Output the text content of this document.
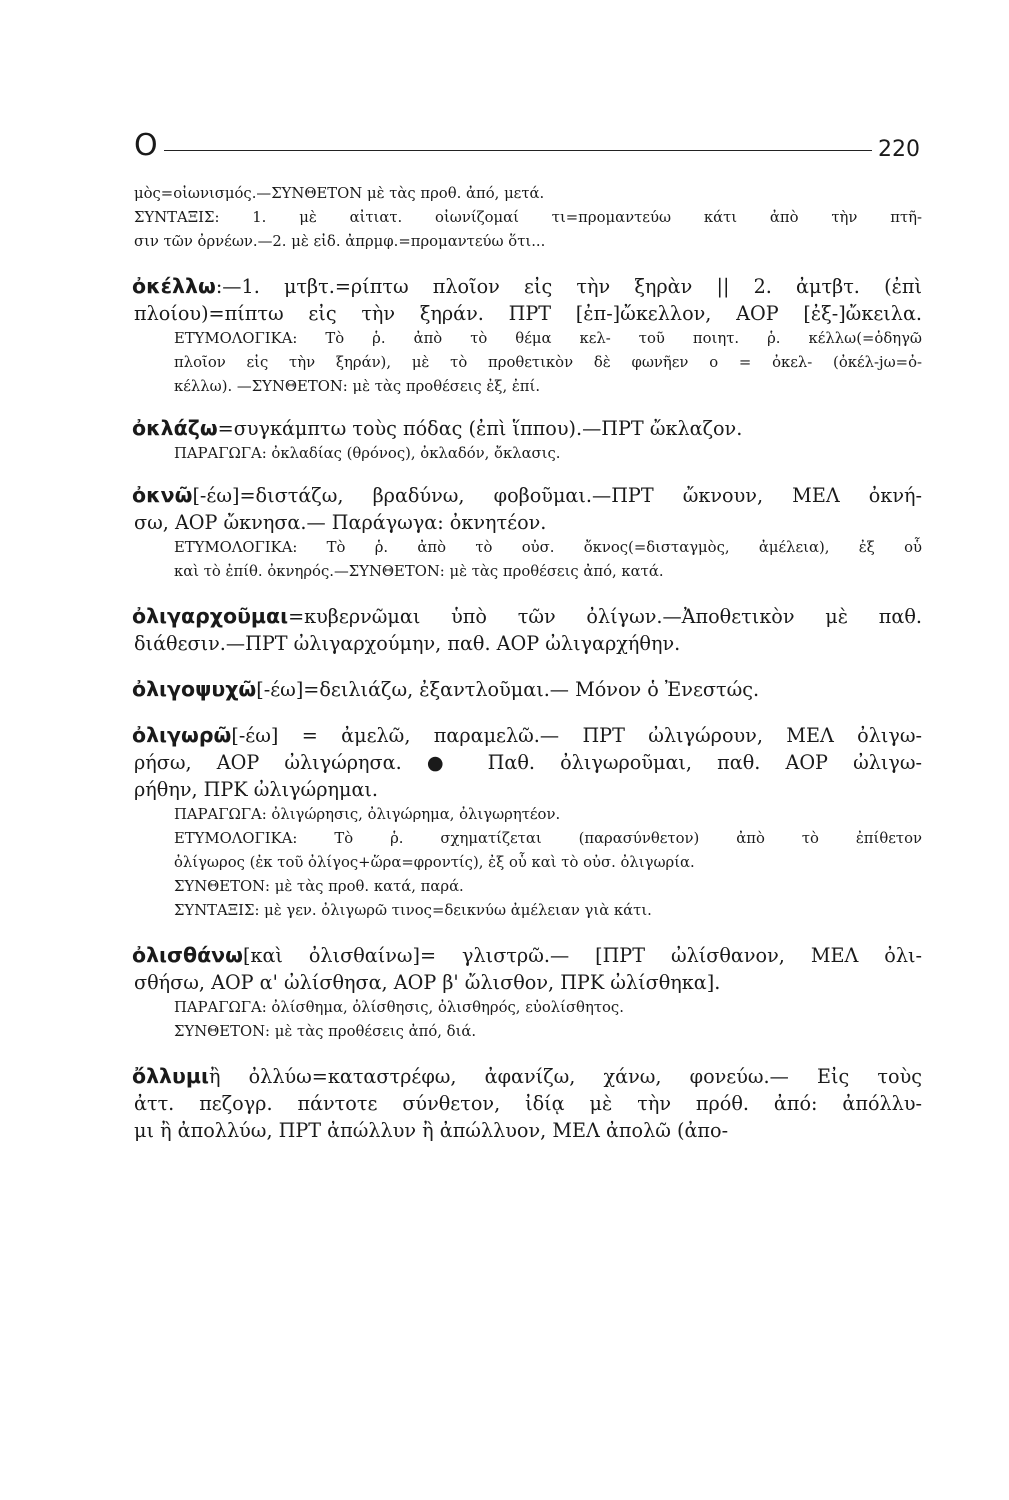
Ο	220
μὸς=οἰωνισμός.—ΣΥΝΘΕΤΟΝ μὲ τὰς προθ. ἀπό, μετά.
ΣΥΝΤΑΞΙΣ: 1. μὲ αἰτιατ. οἰωνίζομαί τι=προμαντεύω κάτι ἀπὸ τὴν πτῆ-
σιν τῶν ὀρνέων.—2. μὲ εἰδ. ἀπρμφ.=προμαντεύω ὅτι...
ὀκέλλω:—1. μτβτ.=ρίπτω πλοῖον εἰς τὴν ξηρὰν || 2. ἀμτβτ. (ἐπὶ
πλοίου)=πίπτω εἰς τὴν ξηράν. ΠΡΤ [ἐπ-]ὤκελλον, ΑΟΡ [ἐξ-]ὤκειλα.
ΕΤΥΜΟΛΟΓΙΚΑ: Τὸ ῥ. ἀπὸ τὸ θέμα κελ- τοῦ ποιητ. ῥ. κέλλω(=ὁδηγῶ
πλοῖον εἰς τὴν ξηράν), μὲ τὸ προθετικὸν δὲ φωνῆεν ο = ὀκελ- (ὀκέλ-jω=ὀ-
κέλλω). —ΣΥΝΘΕΤΟΝ: μὲ τὰς προθέσεις ἐξ, ἐπί.
ὀκλάζω=συγκάμπτω τοὺς πόδας (ἐπὶ ἵππου).—ΠΡΤ ὤκλαζον.
ΠΑΡΑΓΩΓΑ: ὀκλαδίας (θρόνος), ὀκλαδόν, ὄκλασις.
ὀκνῶ[-έω]=διστάζω, βραδύνω, φοβοῦμαι.—ΠΡΤ ὤκνουν, ΜΕΛ ὀκνή-
σω, ΑΟΡ ὤκνησα.— Παράγωγα: ὀκνητέον.
ΕΤΥΜΟΛΟΓΙΚΑ: Τὸ ῥ. ἀπὸ τὸ οὐσ. ὄκνος(=δισταγμὸς, ἀμέλεια), ἐξ οὗ
καὶ τὸ ἐπίθ. ὀκνηρός.—ΣΥΝΘΕΤΟΝ: μὲ τὰς προθέσεις ἀπό, κατά.
ὀλιγαρχοῦμαι=κυβερνῶμαι ὑπὸ τῶν ὀλίγων.—Ἀποθετικὸν μὲ παθ.
διάθεσιν.—ΠΡΤ ὠλιγαρχούμην, παθ. ΑΟΡ ὠλιγαρχήθην.
ὀλιγοψυχῶ[-έω]=δειλιάζω, ἐξαντλοῦμαι.— Μόνον ὁ Ἐνεστώς.
ὀλιγωρῶ[-έω] = ἀμελῶ, παραμελῶ.— ΠΡΤ ὠλιγώρουν, ΜΕΛ ὀλιγω-
ρήσω, ΑΟΡ ὠλιγώρησα. ● Παθ. ὀλιγωροῦμαι, παθ. ΑΟΡ ὠλιγω-
ρήθην, ΠΡΚ ὠλιγώρημαι.
ΠΑΡΑΓΩΓΑ: ὀλιγώρησις, ὀλιγώρημα, ὀλιγωρητέον.
ΕΤΥΜΟΛΟΓΙΚΑ: Τὸ ῥ. σχηματίζεται (παρασύνθετον) ἀπὸ τὸ ἐπίθετον
ὀλίγωρος (ἐκ τοῦ ὀλίγος+ὥρα=φροντίς), ἐξ οὗ καὶ τὸ οὐσ. ὀλιγωρία.
ΣΥΝΘΕΤΟΝ: μὲ τὰς προθ. κατά, παρά.
ΣΥΝΤΑΞΙΣ: μὲ γεν. ὀλιγωρῶ τινος=δεικνύω ἀμέλειαν γιὰ κάτι.
ὀλισθάνω[καὶ ὀλισθαίνω]= γλιστρῶ.— [ΠΡΤ ὠλίσθανον, ΜΕΛ ὀλι-
σθήσω, ΑΟΡ α' ὠλίσθησα, ΑΟΡ β' ὤλισθον, ΠΡΚ ὠλίσθηκα].
ΠΑΡΑΓΩΓΑ: ὀλίσθημα, ὀλίσθησις, ὀλισθηρός, εὐολίσθητος.
ΣΥΝΘΕΤΟΝ: μὲ τὰς προθέσεις ἀπό, διά.
ὄλλυμιἢ ὀλλύω=καταστρέφω, ἀφανίζω, χάνω, φονεύω.— Εἰς τοὺς
ἀττ. πεζογρ. πάντοτε σύνθετον, ἰδίᾳ μὲ τὴν πρόθ. ἀπό: ἀπόλλυ-
μι ἢ ἀπολλύω, ΠΡΤ ἀπώλλυν ἢ ἀπώλλυον, ΜΕΛ ἀπολῶ (ἀπο-
